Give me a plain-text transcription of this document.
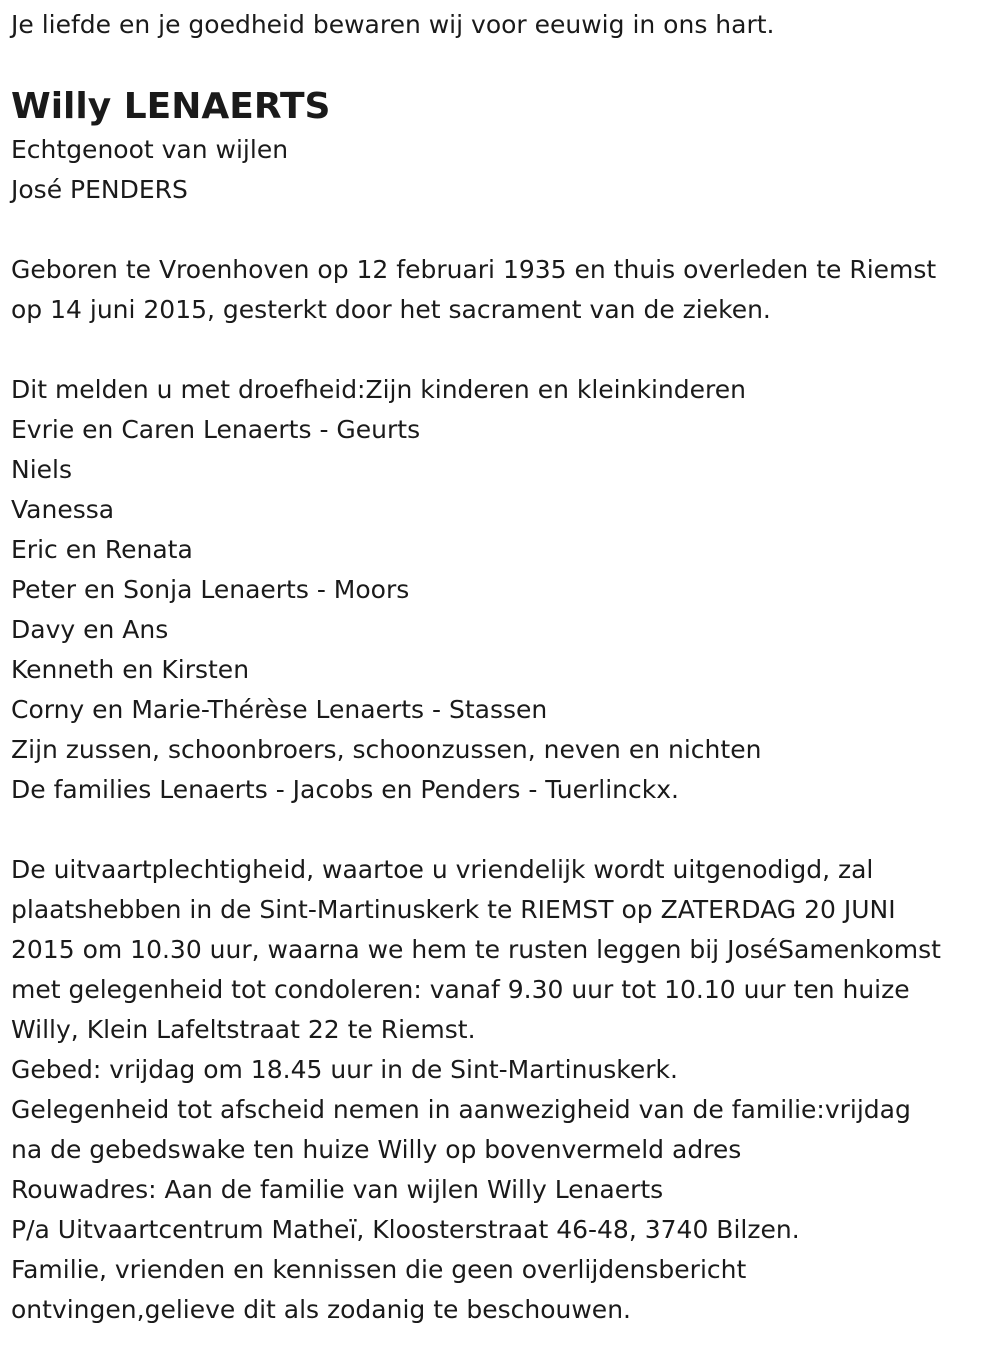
Je liefde en je goedheid bewaren wij voor eeuwig in ons hart.
Willy LENAERTS
Echtgenoot van wijlen
José PENDERS
Geboren te Vroenhoven op 12 februari 1935 en thuis overleden te Riemst
op 14 juni 2015, gesterkt door het sacrament van de zieken.
Dit melden u met droefheid:Zijn kinderen en kleinkinderen
Evrie en Caren Lenaerts - Geurts
Niels
Vanessa
Eric en Renata
Peter en Sonja Lenaerts - Moors
Davy en Ans
Kenneth en Kirsten
Corny en Marie-Thérèse Lenaerts - Stassen
Zijn zussen, schoonbroers, schoonzussen, neven en nichten
De families Lenaerts - Jacobs en Penders - Tuerlinckx.
De uitvaartplechtigheid, waartoe u vriendelijk wordt uitgenodigd, zal
plaatshebben in de Sint-Martinuskerk te RIEMST op ZATERDAG 20 JUNI
2015 om 10.30 uur, waarna we hem te rusten leggen bij JoséSamenkomst
met gelegenheid tot condoleren: vanaf 9.30 uur tot 10.10 uur ten huize
Willy, Klein Lafeltstraat 22 te Riemst.
Gebed: vrijdag om 18.45 uur in de Sint-Martinuskerk.
Gelegenheid tot afscheid nemen in aanwezigheid van de familie:vrijdag
na de gebedswake ten huize Willy op bovenvermeld adres
Rouwadres: Aan de familie van wijlen Willy Lenaerts
P/a Uitvaartcentrum Matheï, Kloosterstraat 46-48, 3740 Bilzen.
Familie, vrienden en kennissen die geen overlijdensbericht
ontvingen,gelieve dit als zodanig te beschouwen.
